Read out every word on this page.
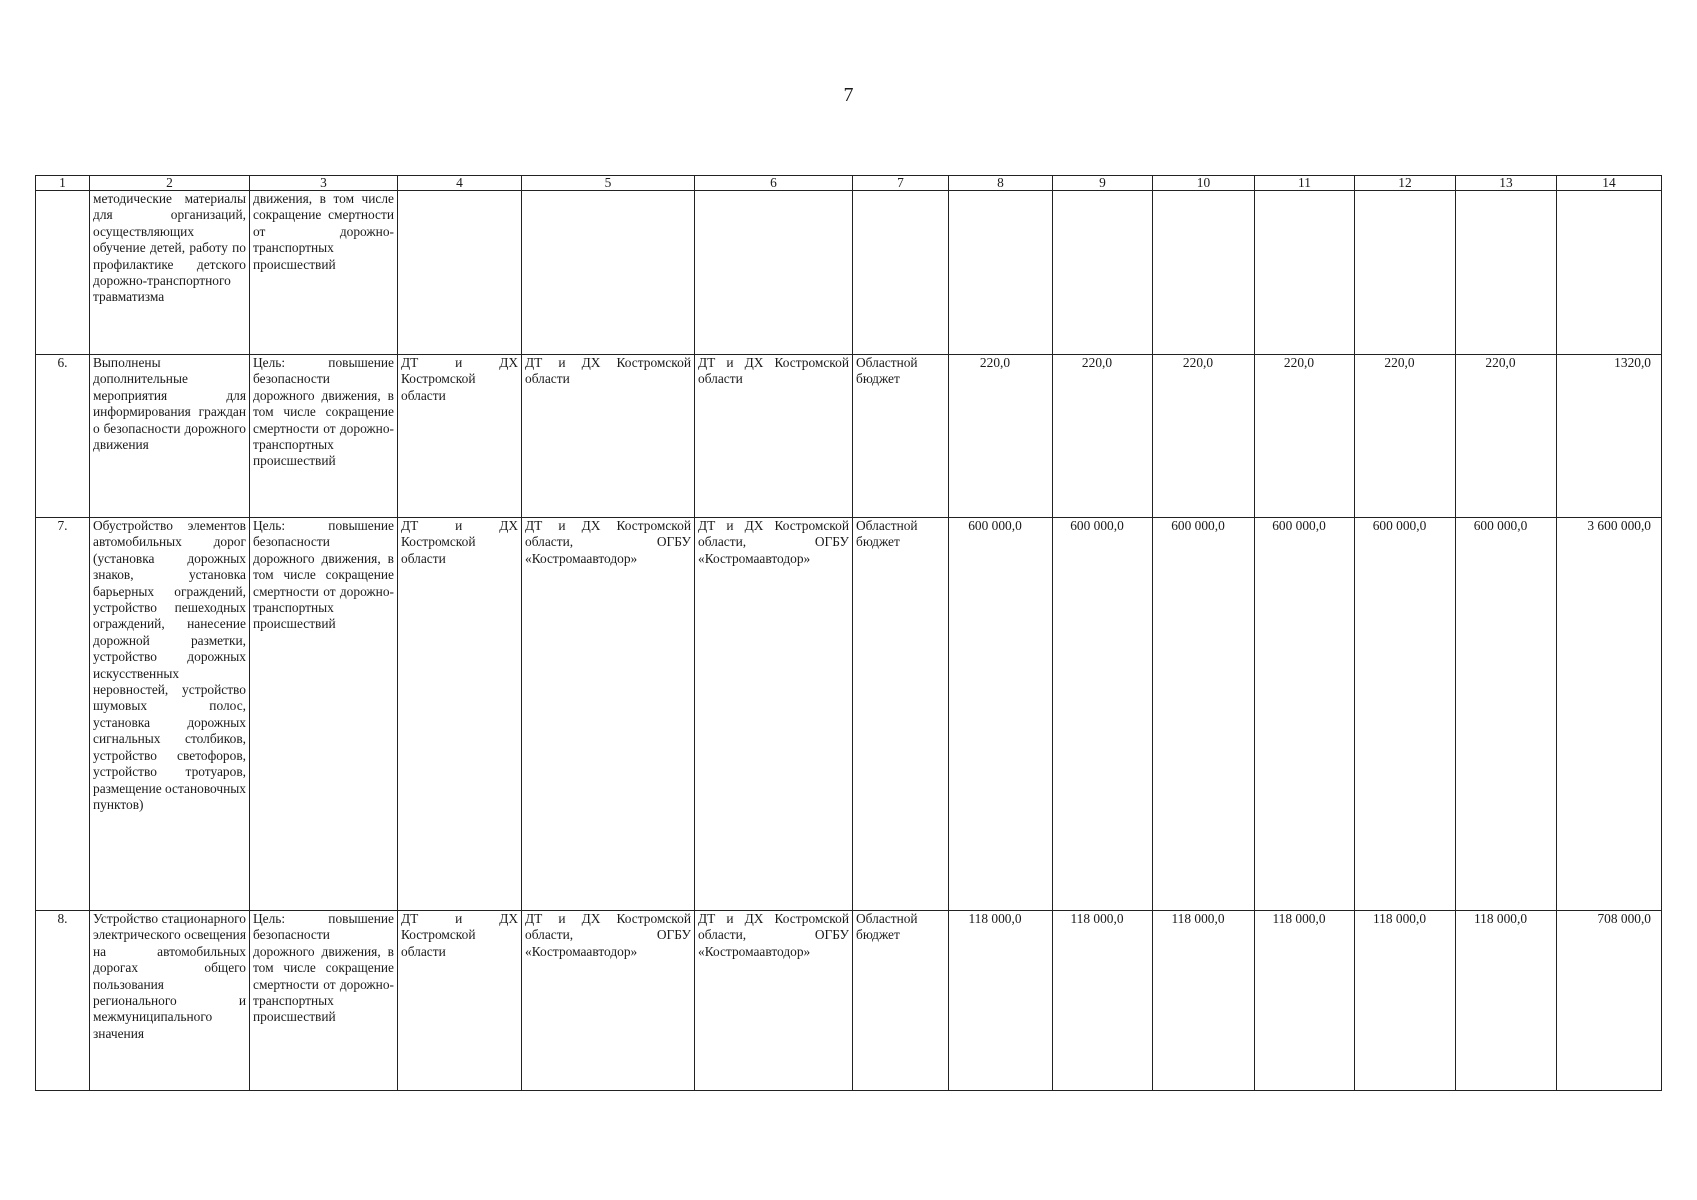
7
1	2	3	4	5	6	7	8	9	10	11	12	13	14
	методические материалы для организаций, осуществляющих обучение детей, работу по профилактике детского дорожно-транспортного травматизма	движения, в том числе сокращение смертности от дорожно-транспортных происшествий											
6.	Выполнены дополнительные мероприятия для информирования граждан о безопасности дорожного движения	Цель: повышение безопасности дорожного движения, в том числе сокращение смертности от дорожно-транспортных происшествий	ДТ и ДХ Костромской области	ДТ и ДХ Костромской области	ДТ и ДХ Костромской области	Областной бюджет	220,0	220,0	220,0	220,0	220,0	220,0	1320,0
7.	Обустройство элементов автомобильных дорог (установка дорожных знаков, установка барьерных ограждений, устройство пешеходных ограждений, нанесение дорожной разметки, устройство дорожных искусственных неровностей, устройство шумовых полос, установка дорожных сигнальных столбиков, устройство светофоров, устройство тротуаров, размещение остановочных пунктов)	Цель: повышение безопасности дорожного движения, в том числе сокращение смертности от дорожно-транспортных происшествий	ДТ и ДХ Костромской области	ДТ и ДХ Костромской области, ОГБУ «Костромаавтодор»	ДТ и ДХ Костромской области, ОГБУ «Костромаавтодор»	Областной бюджет	600 000,0	600 000,0	600 000,0	600 000,0	600 000,0	600 000,0	3 600 000,0
8.	Устройство стационарного электрического освещения на автомобильных дорогах общего пользования регионального и межмуниципального значения	Цель: повышение безопасности дорожного движения, в том числе сокращение смертности от дорожно-транспортных происшествий	ДТ и ДХ Костромской области	ДТ и ДХ Костромской области, ОГБУ «Костромаавтодор»	ДТ и ДХ Костромской области, ОГБУ «Костромаавтодор»	Областной бюджет	118 000,0	118 000,0	118 000,0	118 000,0	118 000,0	118 000,0	708 000,0
